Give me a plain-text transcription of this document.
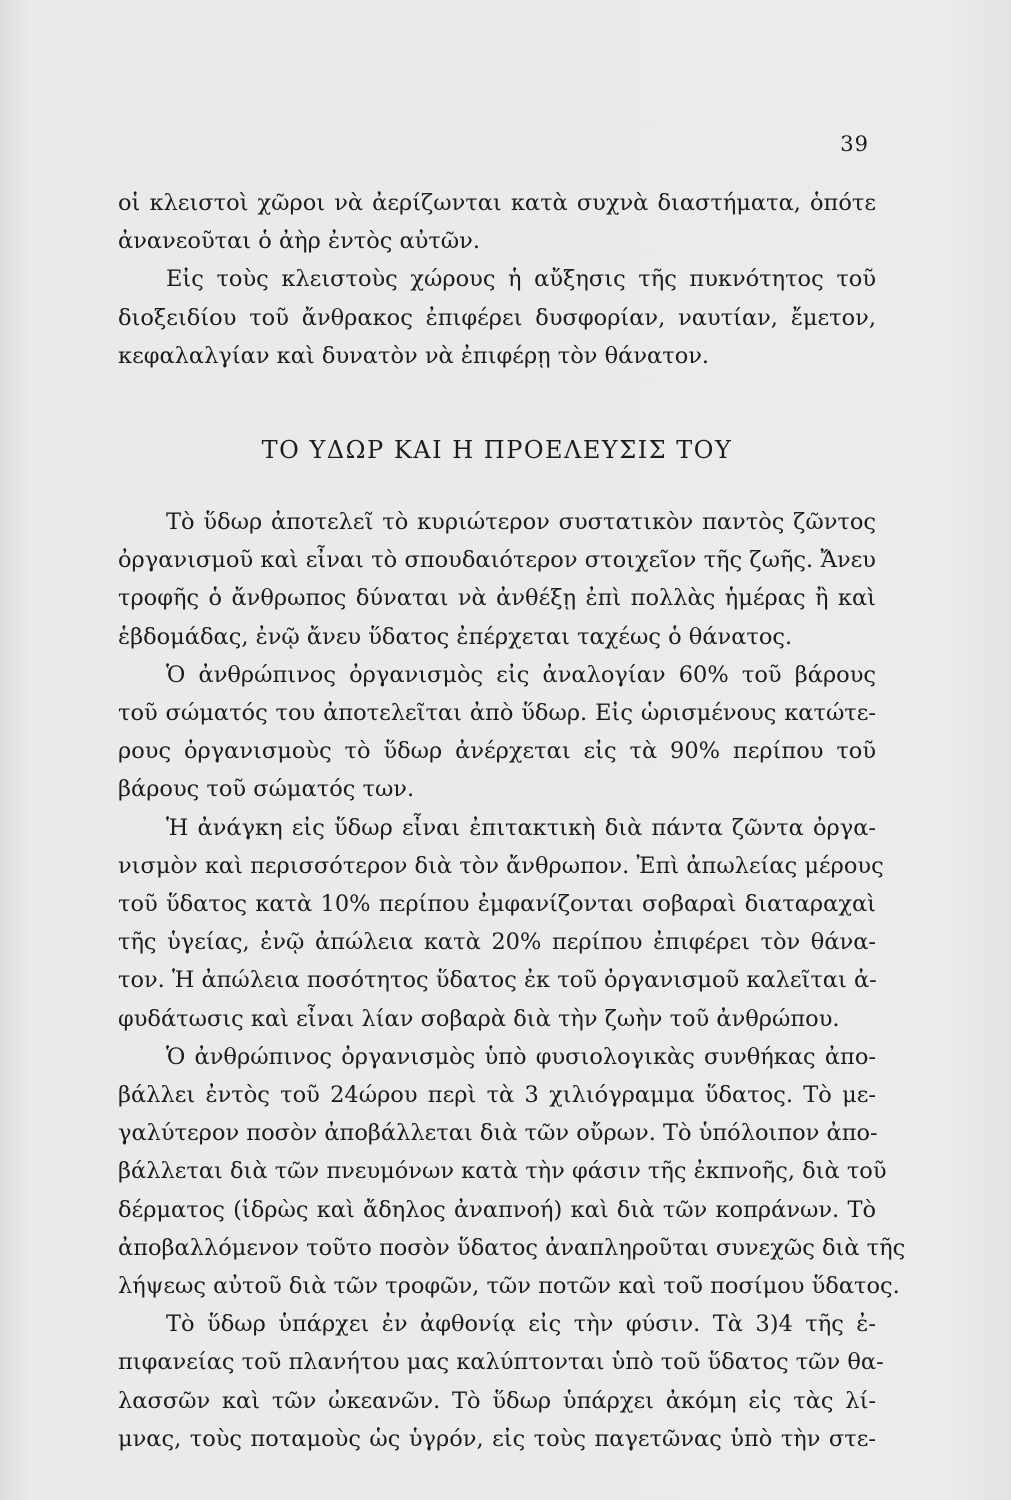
39
οἱ κλειστοὶ χῶροι νὰ ἀερίζωνται κατὰ συχνὰ διαστήματα, ὁπότε
ἀνανεοῦται ὁ ἀὴρ ἐντὸς αὐτῶν.
Εἰς τοὺς κλειστοὺς χώρους ἡ αὔξησις τῆς πυκνότητος τοῦ
διοξειδίου τοῦ ἄνθρακος ἐπιφέρει δυσφορίαν, ναυτίαν, ἔμετον,
κεφαλαλγίαν καὶ δυνατὸν νὰ ἐπιφέρῃ τὸν θάνατον.
ΤΟ ΥΔΩΡ ΚΑΙ Η ΠΡΟΕΛΕΥΣΙΣ ΤΟΥ
Τὸ ὕδωρ ἀποτελεῖ τὸ κυριώτερον συστατικὸν παντὸς ζῶντος
ὀργανισμοῦ καὶ εἶναι τὸ σπουδαιότερον στοιχεῖον τῆς ζωῆς. Ἄνευ
τροφῆς ὁ ἄνθρωπος δύναται νὰ ἀνθέξῃ ἐπὶ πολλὰς ἡμέρας ἢ καὶ
ἑβδομάδας, ἐνῷ ἄνευ ὕδατος ἐπέρχεται ταχέως ὁ θάνατος.
Ὁ ἀνθρώπινος ὀργανισμὸς εἰς ἀναλογίαν 60% τοῦ βάρους
τοῦ σώματός του ἀποτελεῖται ἀπὸ ὕδωρ. Εἰς ὡρισμένους κατώτε-
ρους ὀργανισμοὺς τὸ ὕδωρ ἀνέρχεται εἰς τὰ 90% περίπου τοῦ
βάρους τοῦ σώματός των.
Ἡ ἀνάγκη εἰς ὕδωρ εἶναι ἐπιτακτικὴ διὰ πάντα ζῶντα ὀργα-
νισμὸν καὶ περισσότερον διὰ τὸν ἄνθρωπον. Ἐπὶ ἀπωλείας μέρους
τοῦ ὕδατος κατὰ 10% περίπου ἐμφανίζονται σοβαραὶ διαταραχαὶ
τῆς ὑγείας, ἐνῷ ἀπώλεια κατὰ 20% περίπου ἐπιφέρει τὸν θάνα-
τον. Ἡ ἀπώλεια ποσότητος ὕδατος ἐκ τοῦ ὀργανισμοῦ καλεῖται ἀ-
φυδάτωσις καὶ εἶναι λίαν σοβαρὰ διὰ τὴν ζωὴν τοῦ ἀνθρώπου.
Ὁ ἀνθρώπινος ὀργανισμὸς ὑπὸ φυσιολογικὰς συνθήκας ἀπο-
βάλλει ἐντὸς τοῦ 24ώρου περὶ τὰ 3 χιλιόγραμμα ὕδατος. Τὸ με-
γαλύτερον ποσὸν ἀποβάλλεται διὰ τῶν οὔρων. Τὸ ὑπόλοιπον ἀπο-
βάλλεται διὰ τῶν πνευμόνων κατὰ τὴν φάσιν τῆς ἐκπνοῆς, διὰ τοῦ
δέρματος (ἱδρὼς καὶ ἄδηλος ἀναπνοή) καὶ διὰ τῶν κοπράνων. Τὸ
ἀποβαλλόμενον τοῦτο ποσὸν ὕδατος ἀναπληροῦται συνεχῶς διὰ τῆς
λήψεως αὐτοῦ διὰ τῶν τροφῶν, τῶν ποτῶν καὶ τοῦ ποσίμου ὕδατος.
Τὸ ὕδωρ ὑπάρχει ἐν ἀφθονίᾳ εἰς τὴν φύσιν. Τὰ 3)4 τῆς ἐ-
πιφανείας τοῦ πλανήτου μας καλύπτονται ὑπὸ τοῦ ὕδατος τῶν θα-
λασσῶν καὶ τῶν ὠκεανῶν. Τὸ ὕδωρ ὑπάρχει ἀκόμη εἰς τὰς λί-
μνας, τοὺς ποταμοὺς ὡς ὑγρόν, εἰς τοὺς παγετῶνας ὑπὸ τὴν στε-
